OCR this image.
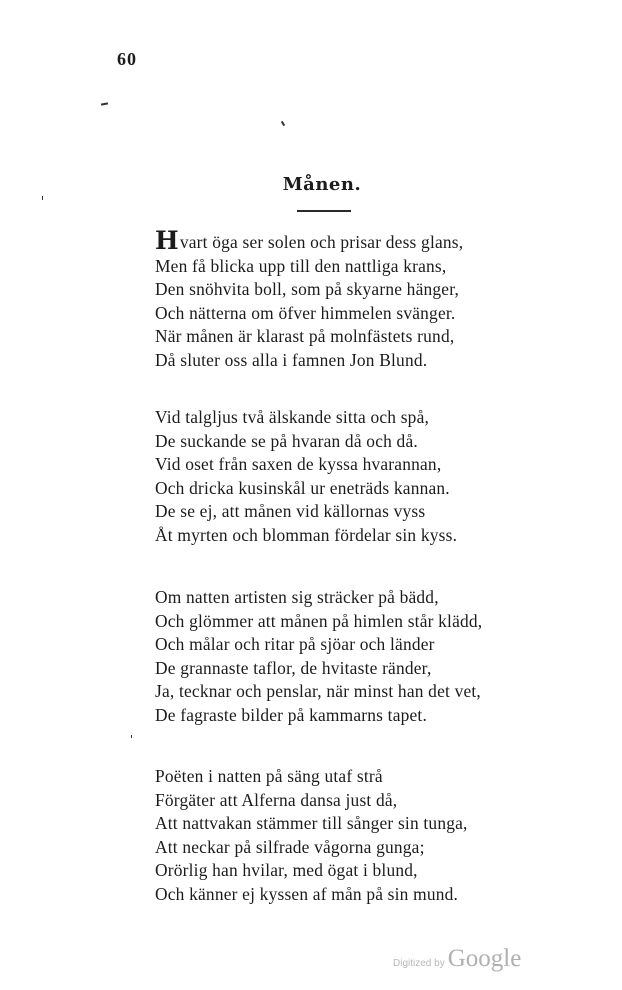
60
Månen.
Hvart öga ser solen och prisar dess glans,
Men få blicka upp till den nattliga krans,
Den snöhvita boll, som på skyarne hänger,
Och nätterna om öfver himmelen svänger.
När månen är klarast på molnfästets rund,
Då sluter oss alla i famnen Jon Blund.
Vid talgljus två älskande sitta och spå,
De suckande se på hvaran då och då.
Vid oset från saxen de kyssa hvarannan,
Och dricka kusinskål ur eneträds kannan.
De se ej, att månen vid källornas vyss
Åt myrten och blomman fördelar sin kyss.
Om natten artisten sig sträcker på bädd,
Och glömmer att månen på himlen står klädd,
Och målar och ritar på sjöar och länder
De grannaste taflor, de hvitaste ränder,
Ja, tecknar och penslar, när minst han det vet,
De fagraste bilder på kammarns tapet.
Poëten i natten på säng utaf strå
Förgäter att Alferna dansa just då,
Att nattvakan stämmer till sånger sin tunga,
Att neckar på silfrade vågorna gunga;
Orörlig han hvilar, med ögat i blund,
Och känner ej kyssen af mån på sin mund.
Digitized by Google
